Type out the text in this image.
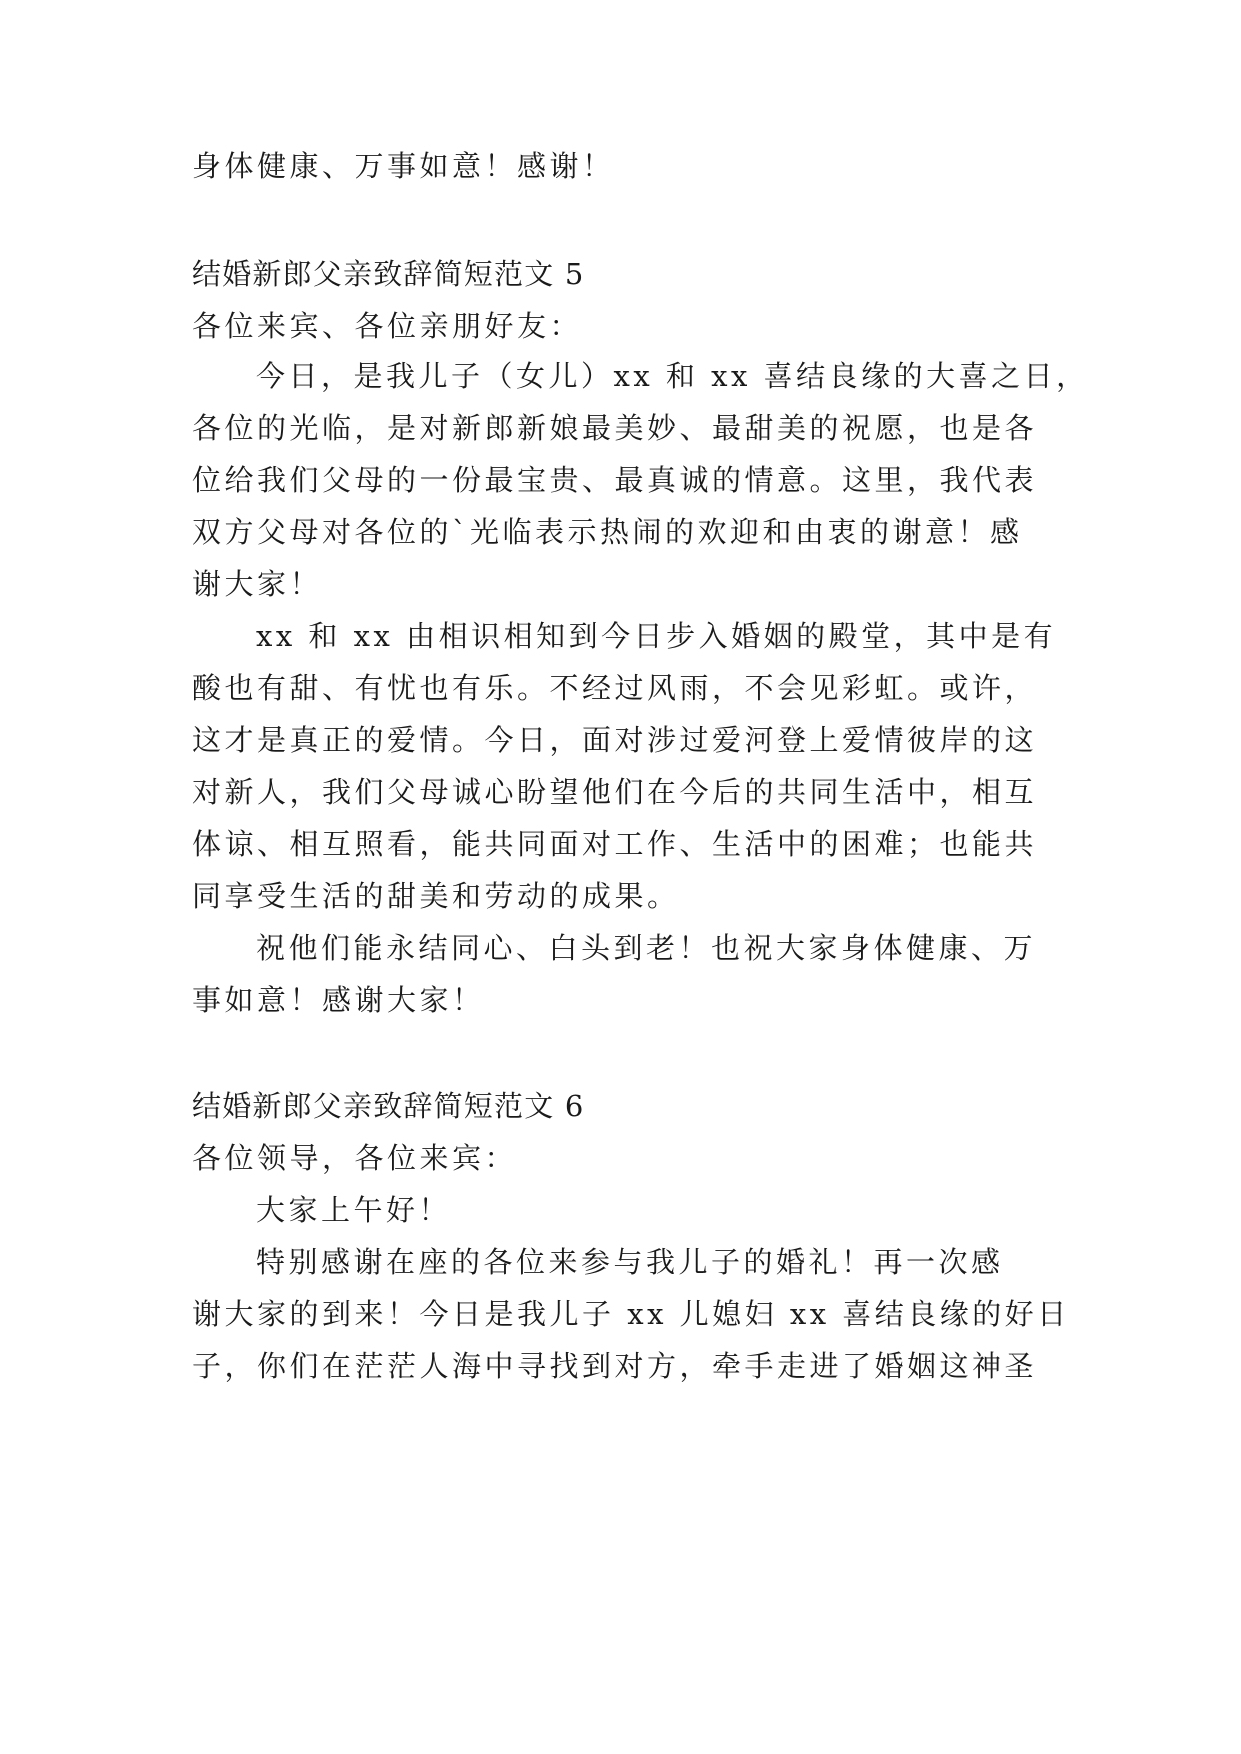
身体健康、万事如意！感谢！

结婚新郎父亲致辞简短范文 5

各位来宾、各位亲朋好友：

今日，是我儿子（女儿）xx 和 xx 喜结良缘的大喜之日，

各位的光临，是对新郎新娘最美妙、最甜美的祝愿，也是各

位给我们父母的一份最宝贵、最真诚的情意。这里，我代表

双方父母对各位的`光临表示热闹的欢迎和由衷的谢意！感

谢大家！

xx 和 xx 由相识相知到今日步入婚姻的殿堂，其中是有

酸也有甜、有忧也有乐。不经过风雨，不会见彩虹。或许，

这才是真正的爱情。今日，面对涉过爱河登上爱情彼岸的这

对新人，我们父母诚心盼望他们在今后的共同生活中，相互

体谅、相互照看，能共同面对工作、生活中的困难；也能共

同享受生活的甜美和劳动的成果。

祝他们能永结同心、白头到老！也祝大家身体健康、万

事如意！感谢大家！

结婚新郎父亲致辞简短范文 6

各位领导，各位来宾：

大家上午好！

特别感谢在座的各位来参与我儿子的婚礼！再一次感

谢大家的到来！今日是我儿子 xx 儿媳妇 xx 喜结良缘的好日

子，你们在茫茫人海中寻找到对方，牵手走进了婚姻这神圣
